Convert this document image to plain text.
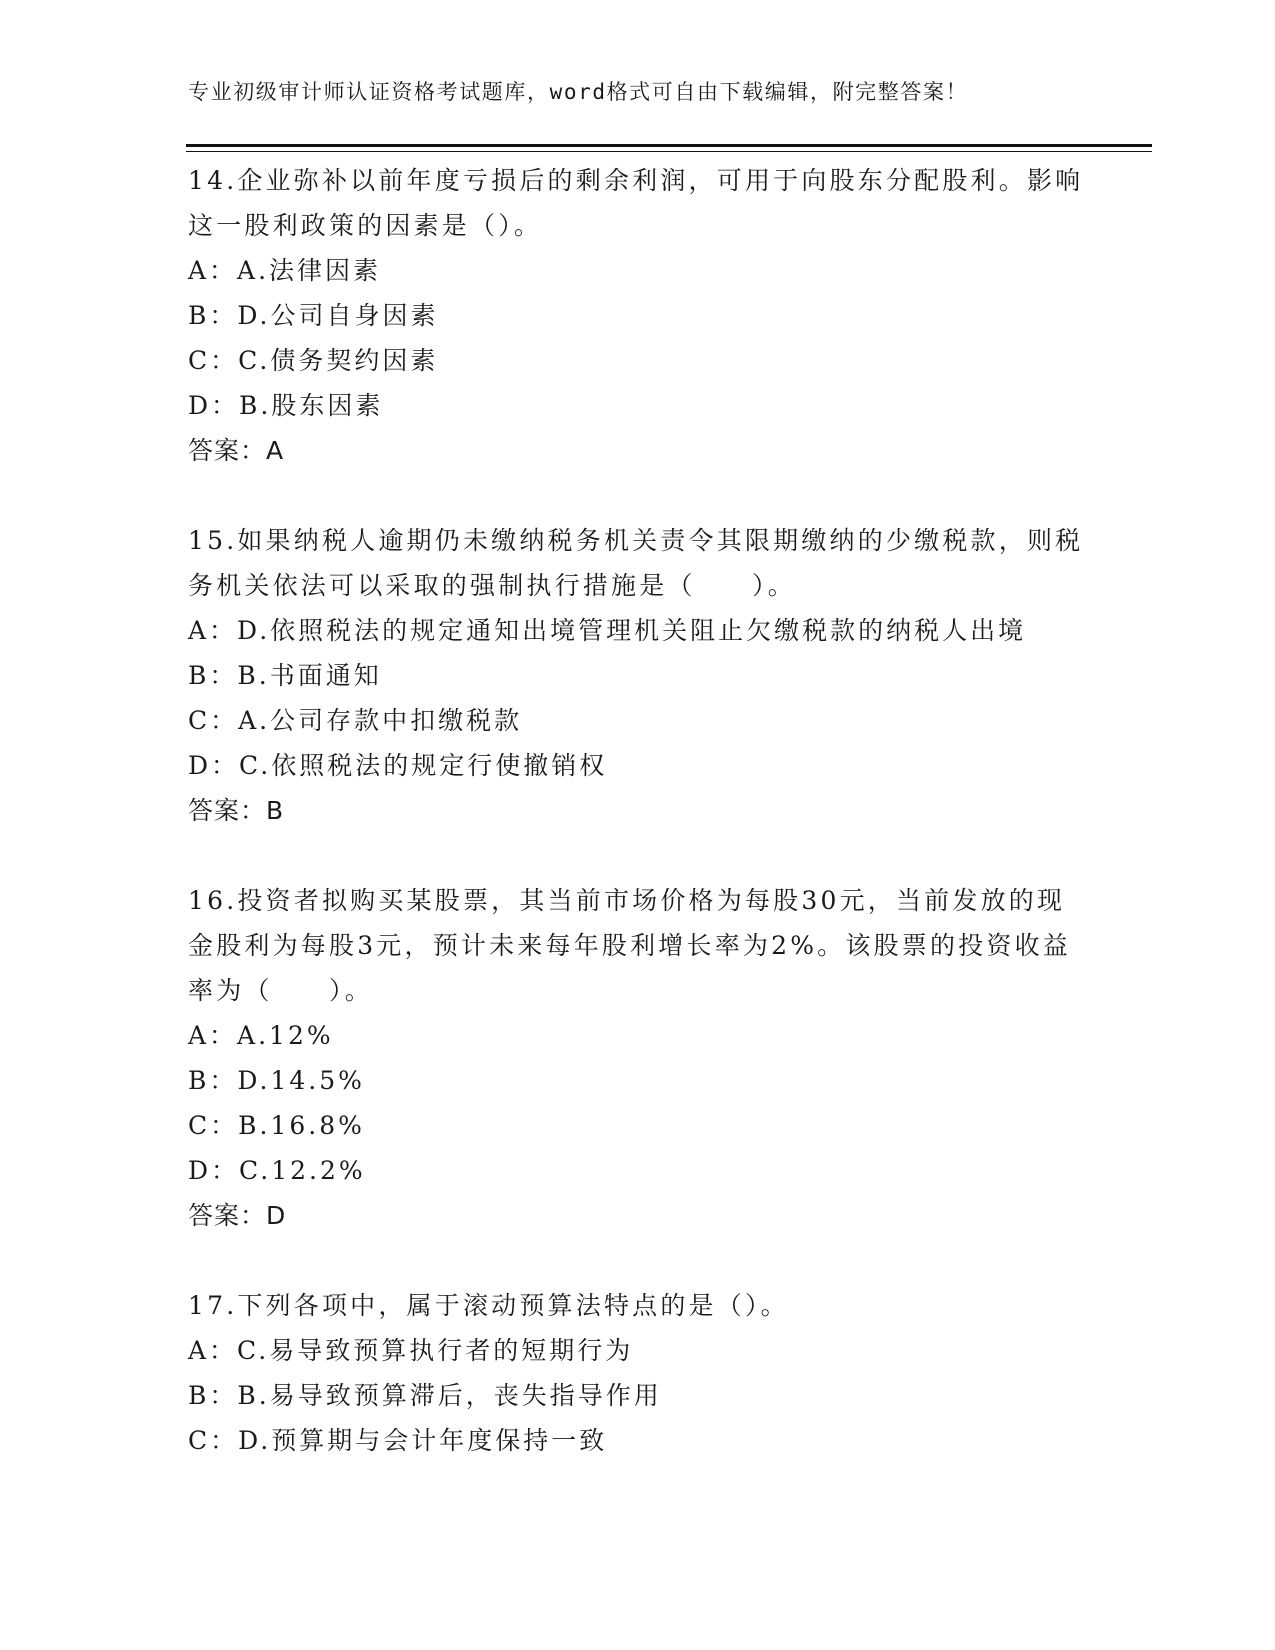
专业初级审计师认证资格考试题库，word格式可自由下载编辑，附完整答案！

14.企业弥补以前年度亏损后的剩余利润，可用于向股东分配股利。影响这一股利政策的因素是（）。

A：A.法律因素

B：D.公司自身因素

C：C.债务契约因素

D：B.股东因素

答案：A

15.如果纳税人逾期仍未缴纳税务机关责令其限期缴纳的少缴税款，则税务机关依法可以采取的强制执行措施是（　　）。

A：D.依照税法的规定通知出境管理机关阻止欠缴税款的纳税人出境

B：B.书面通知

C：A.公司存款中扣缴税款

D：C.依照税法的规定行使撤销权

答案：B

16.投资者拟购买某股票，其当前市场价格为每股30元，当前发放的现金股利为每股3元，预计未来每年股利增长率为2%。该股票的投资收益率为（　　）。

A：A.12%

B：D.14.5%

C：B.16.8%

D：C.12.2%

答案：D

17.下列各项中，属于滚动预算法特点的是（）。

A：C.易导致预算执行者的短期行为

B：B.易导致预算滞后，丧失指导作用

C：D.预算期与会计年度保持一致
